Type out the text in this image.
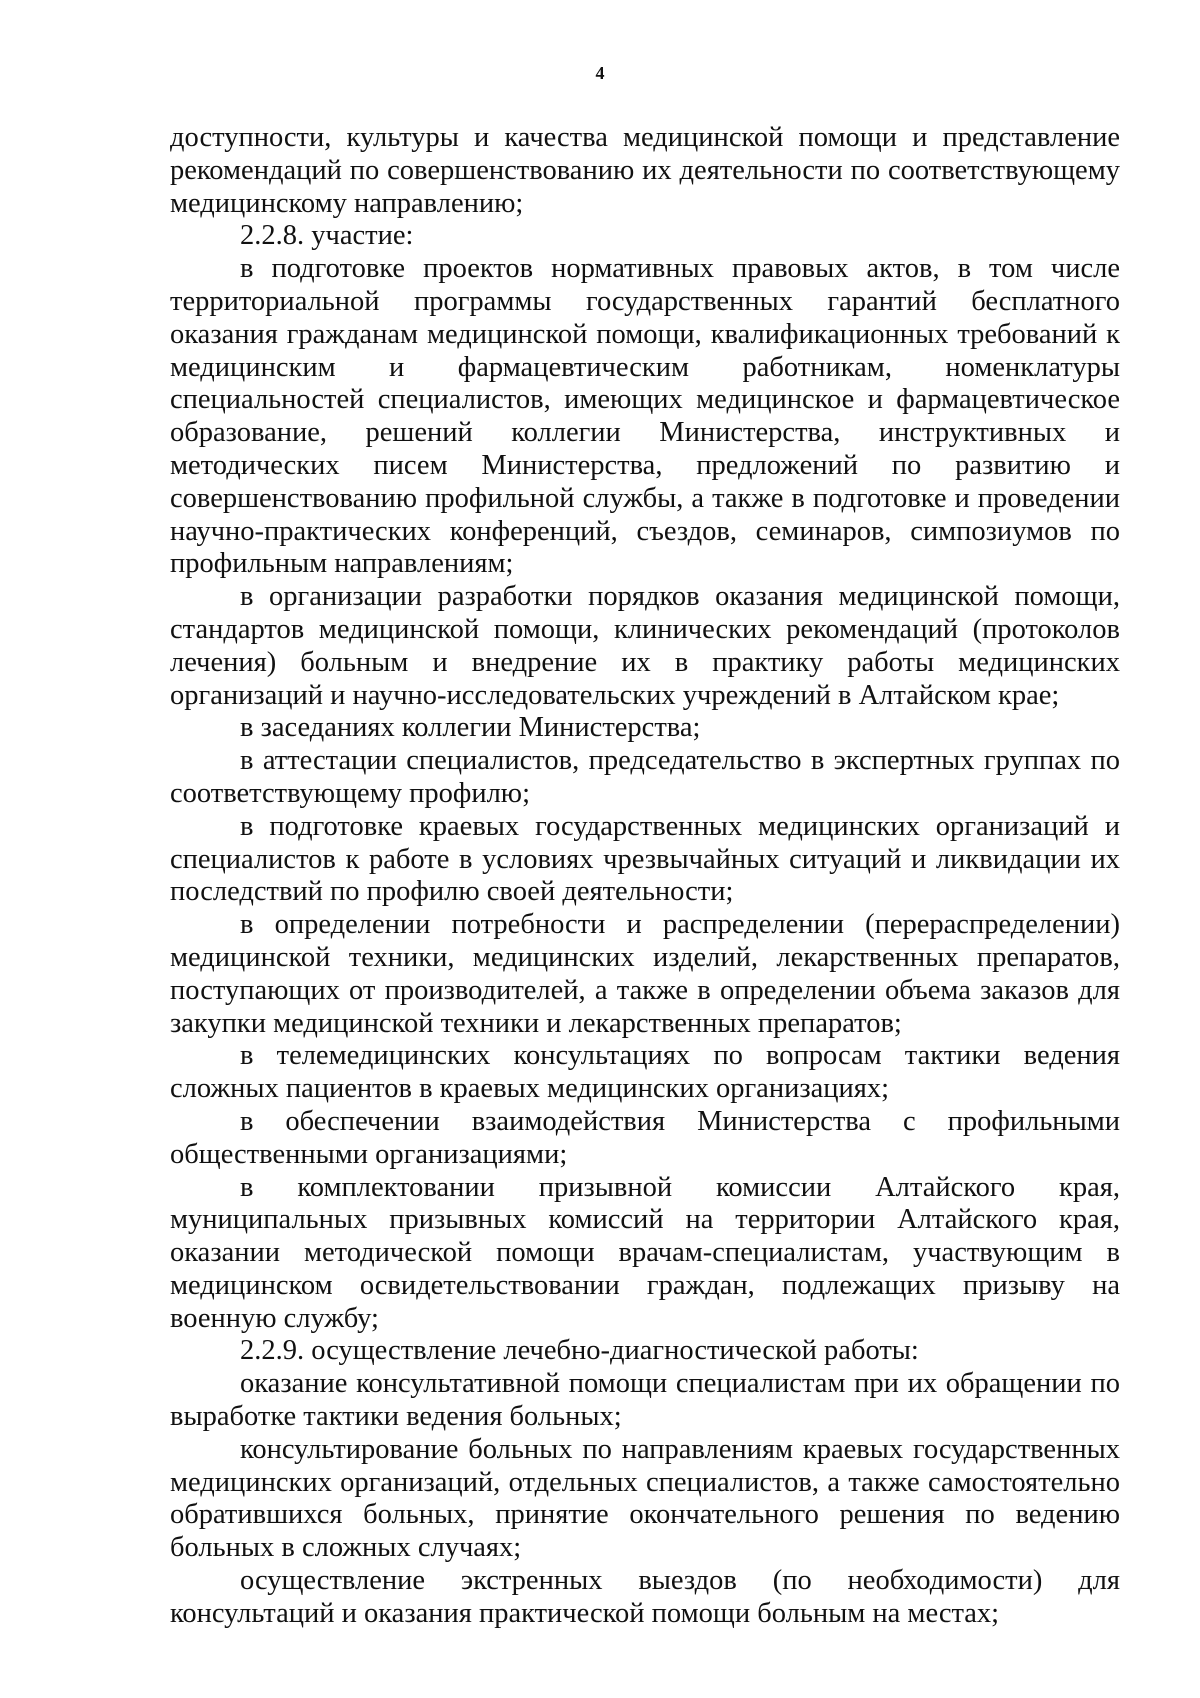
4

доступности, культуры и качества медицинской помощи и представление рекомендаций по совершенствованию их деятельности по соответствующему медицинскому направлению;

2.2.8. участие:

в подготовке проектов нормативных правовых актов, в том числе территориальной программы государственных гарантий бесплатного оказания гражданам медицинской помощи, квалификационных требований к медицинским и фармацевтическим работникам, номенклатуры специальностей специалистов, имеющих медицинское и фармацевтическое образование, решений коллегии Министерства, инструктивных и методических писем Министерства, предложений по развитию и совершенствованию профильной службы, а также в подготовке и проведении научно-практических конференций, съездов, семинаров, симпозиумов по профильным направлениям;

в организации разработки порядков оказания медицинской помощи, стандартов медицинской помощи, клинических рекомендаций (протоколов лечения) больным и внедрение их в практику работы медицинских организаций и научно-исследовательских учреждений в Алтайском крае;

в заседаниях коллегии Министерства;

в аттестации специалистов, председательство в экспертных группах по соответствующему профилю;

в подготовке краевых государственных медицинских организаций и специалистов к работе в условиях чрезвычайных ситуаций и ликвидации их последствий по профилю своей деятельности;

в определении потребности и распределении (перераспределении) медицинской техники, медицинских изделий, лекарственных препаратов, поступающих от производителей, а также в определении объема заказов для закупки медицинской техники и лекарственных препаратов;

в телемедицинских консультациях по вопросам тактики ведения сложных пациентов в краевых медицинских организациях;

в обеспечении взаимодействия Министерства с профильными общественными организациями;

в комплектовании призывной комиссии Алтайского края, муниципальных призывных комиссий на территории Алтайского края, оказании методической помощи врачам-специалистам, участвующим в медицинском освидетельствовании граждан, подлежащих призыву на военную службу;

2.2.9. осуществление лечебно-диагностической работы:

оказание консультативной помощи специалистам при их обращении по выработке тактики ведения больных;

консультирование больных по направлениям краевых государственных медицинских организаций, отдельных специалистов, а также самостоятельно обратившихся больных, принятие окончательного решения по ведению больных в сложных случаях;

осуществление экстренных выездов (по необходимости) для консультаций и оказания практической помощи больным на местах;
